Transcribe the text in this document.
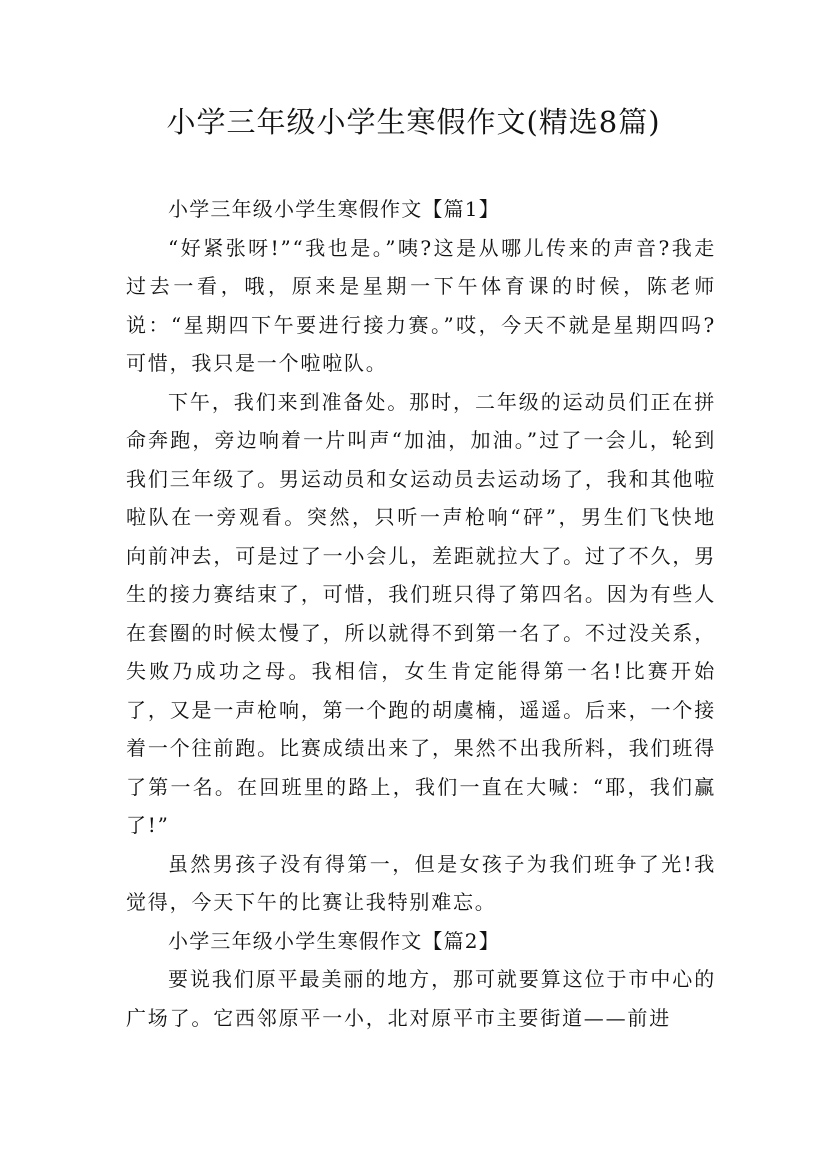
小学三年级小学生寒假作文(精选8篇)

小学三年级小学生寒假作文【篇1】

“好紧张呀!”“我也是。”咦?这是从哪儿传来的声音?我走过去一看，哦，原来是星期一下午体育课的时候，陈老师说：“星期四下午要进行接力赛。”哎，今天不就是星期四吗?可惜，我只是一个啦啦队。

下午，我们来到准备处。那时，二年级的运动员们正在拼命奔跑，旁边响着一片叫声“加油，加油。”过了一会儿，轮到我们三年级了。男运动员和女运动员去运动场了，我和其他啦啦队在一旁观看。突然，只听一声枪响“砰”，男生们飞快地向前冲去，可是过了一小会儿，差距就拉大了。过了不久，男生的接力赛结束了，可惜，我们班只得了第四名。因为有些人在套圈的时候太慢了，所以就得不到第一名了。不过没关系，失败乃成功之母。我相信，女生肯定能得第一名!比赛开始了，又是一声枪响，第一个跑的胡虞楠，遥遥。后来，一个接着一个往前跑。比赛成绩出来了，果然不出我所料，我们班得了第一名。在回班里的路上，我们一直在大喊：“耶，我们赢了!”

虽然男孩子没有得第一，但是女孩子为我们班争了光!我觉得，今天下午的比赛让我特别难忘。

小学三年级小学生寒假作文【篇2】

要说我们原平最美丽的地方，那可就要算这位于市中心的广场了。它西邻原平一小，北对原平市主要街道——前进
